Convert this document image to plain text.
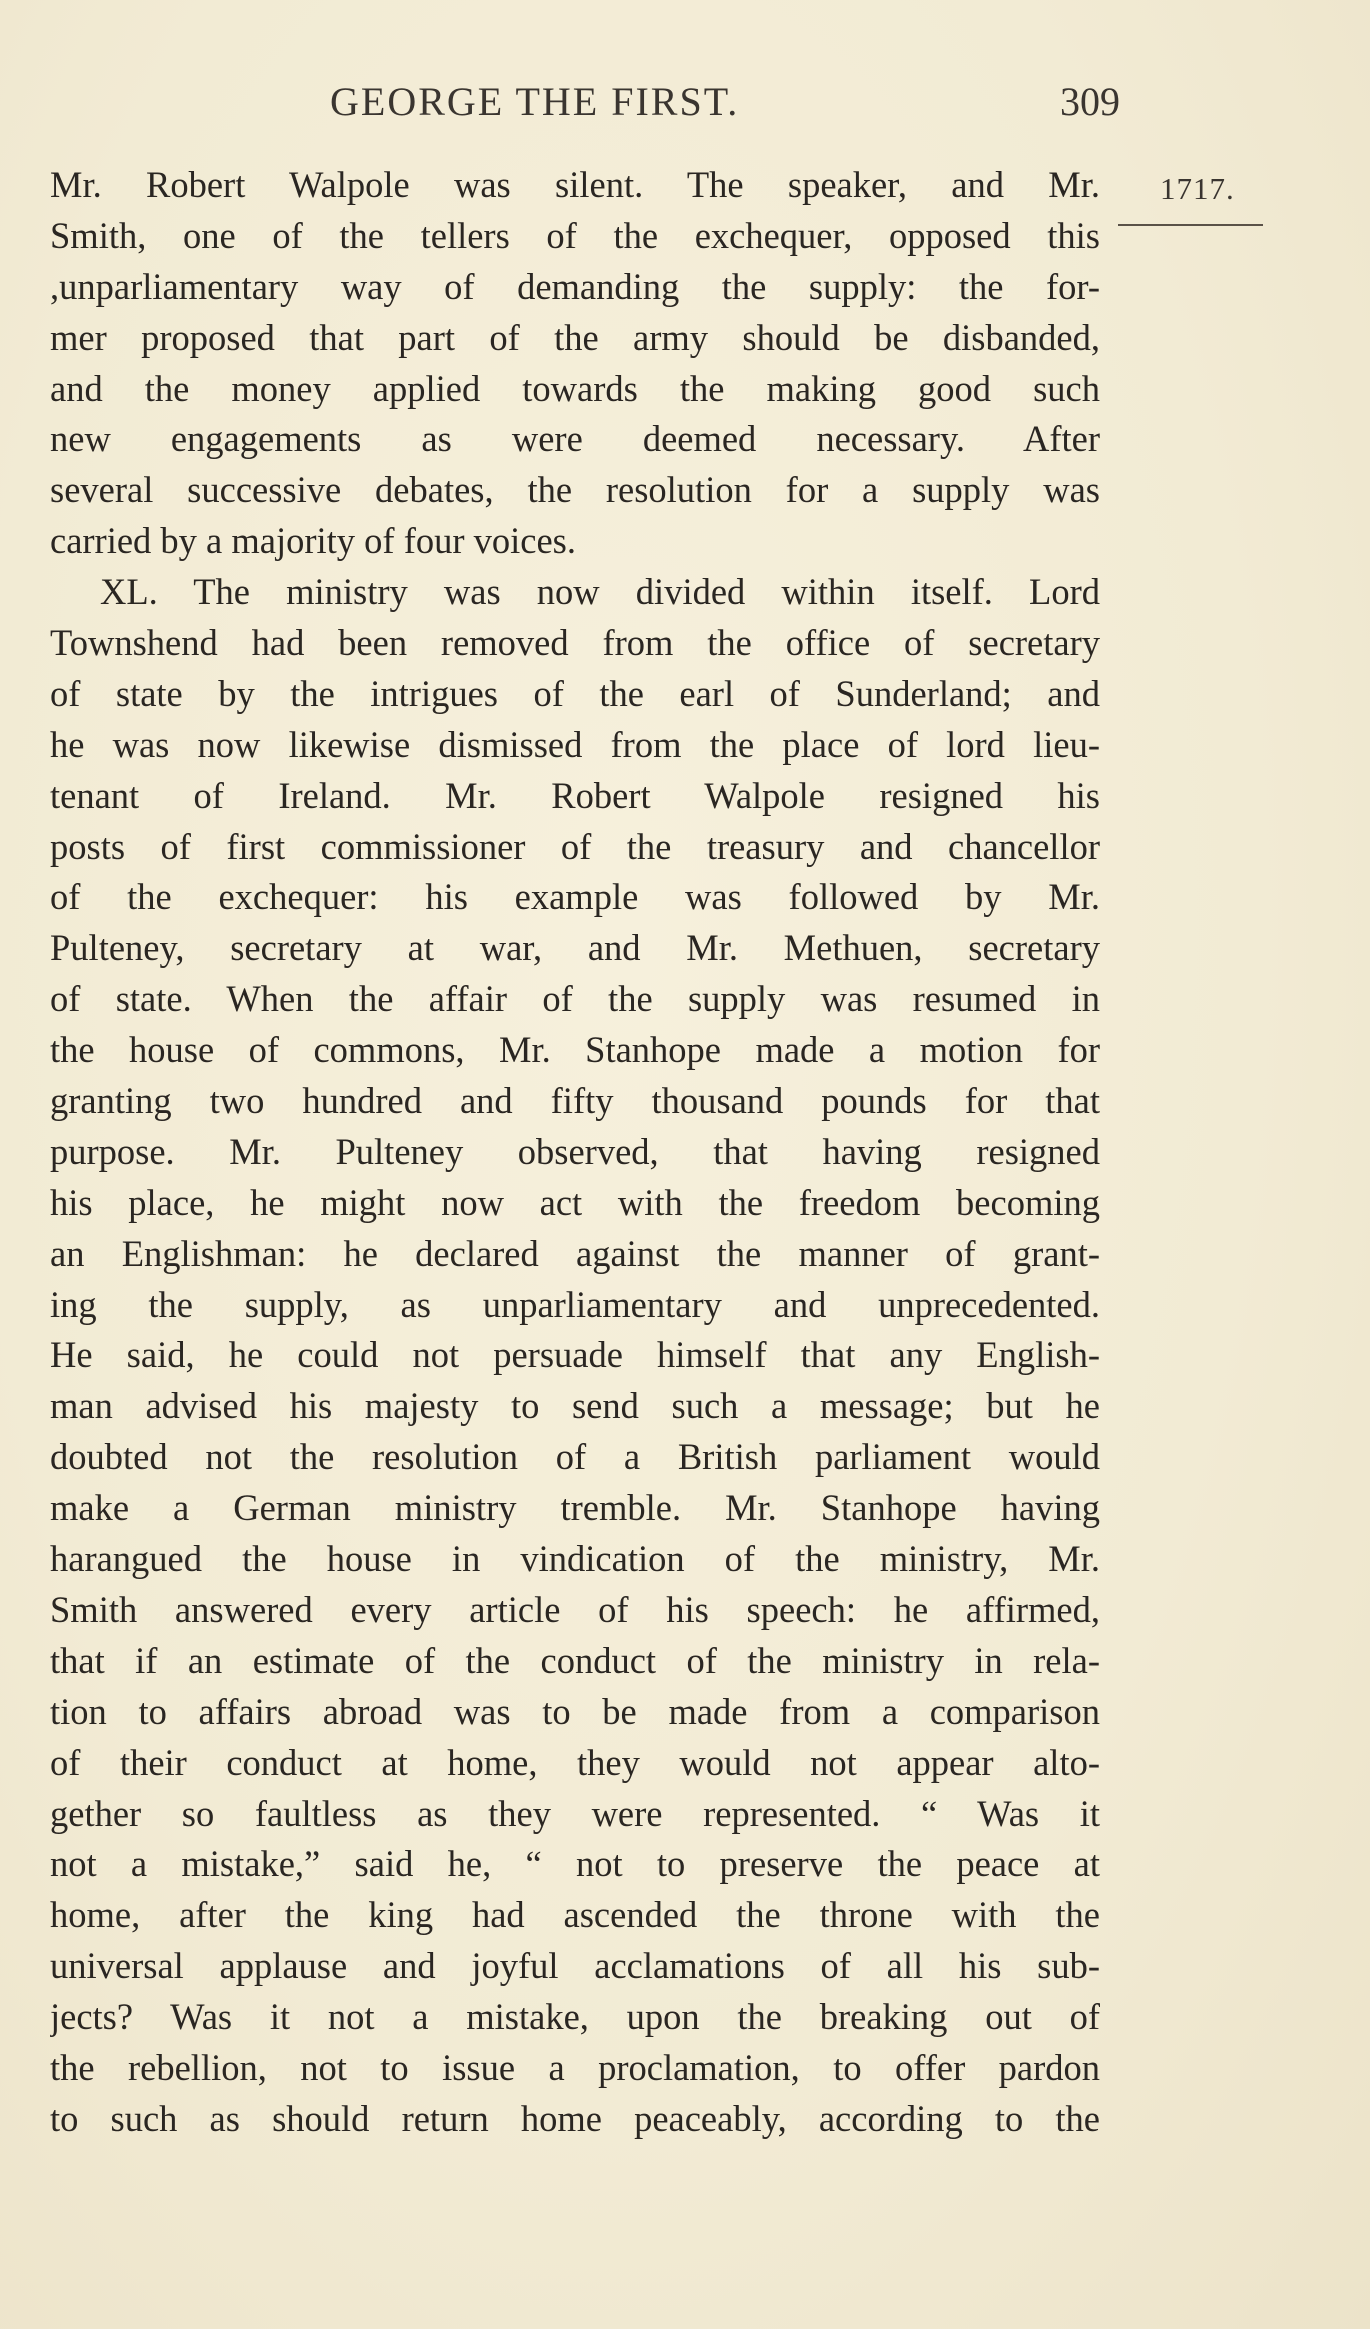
GEORGE THE FIRST.	309
1717.
Mr. Robert Walpole was silent. The speaker, and Mr.
Smith, one of the tellers of the exchequer, opposed this
,unparliamentary way of demanding the supply: the for-
mer proposed that part of the army should be disbanded,
and the money applied towards the making good such
new engagements as were deemed necessary. After
several successive debates, the resolution for a supply was
carried by a majority of four voices.
XL. The ministry was now divided within itself. Lord
Townshend had been removed from the office of secretary
of state by the intrigues of the earl of Sunderland; and
he was now likewise dismissed from the place of lord lieu-
tenant of Ireland. Mr. Robert Walpole resigned his
posts of first commissioner of the treasury and chancellor
of the exchequer: his example was followed by Mr.
Pulteney, secretary at war, and Mr. Methuen, secretary
of state. When the affair of the supply was resumed in
the house of commons, Mr. Stanhope made a motion for
granting two hundred and fifty thousand pounds for that
purpose. Mr. Pulteney observed, that having resigned
his place, he might now act with the freedom becoming
an Englishman: he declared against the manner of grant-
ing the supply, as unparliamentary and unprecedented.
He said, he could not persuade himself that any English-
man advised his majesty to send such a message; but he
doubted not the resolution of a British parliament would
make a German ministry tremble. Mr. Stanhope having
harangued the house in vindication of the ministry, Mr.
Smith answered every article of his speech: he affirmed,
that if an estimate of the conduct of the ministry in rela-
tion to affairs abroad was to be made from a comparison
of their conduct at home, they would not appear alto-
gether so faultless as they were represented. “ Was it
not a mistake,” said he, “ not to preserve the peace at
home, after the king had ascended the throne with the
universal applause and joyful acclamations of all his sub-
jects? Was it not a mistake, upon the breaking out of
the rebellion, not to issue a proclamation, to offer pardon
to such as should return home peaceably, according to the
